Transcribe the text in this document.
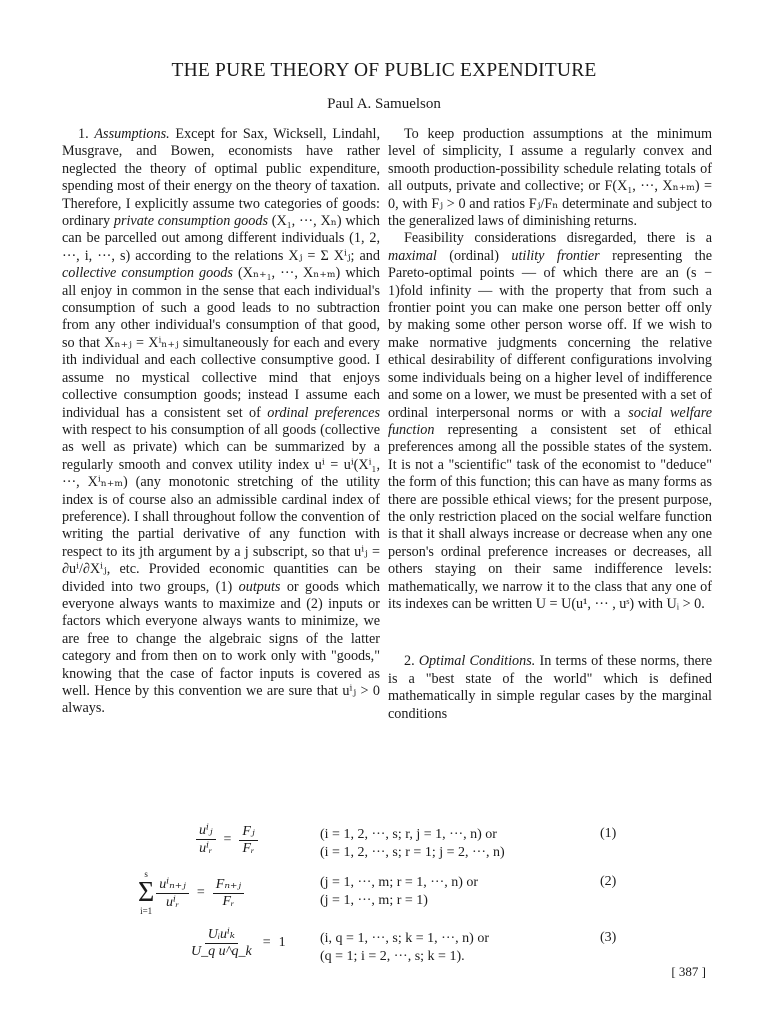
THE PURE THEORY OF PUBLIC EXPENDITURE
Paul A. Samuelson

1. Assumptions. Except for Sax, Wicksell, Lindahl, Musgrave, and Bowen, economists have rather neglected the theory of optimal public expenditure, spending most of their energy on the theory of taxation. Therefore, I explicitly assume two categories of goods: ordinary private consumption goods (X₁, ···, Xₙ) which can be parcelled out among different individuals (1, 2, ···, i, ···, s) according to the relations Xⱼ = Σ Xⁱⱼ; and collective consumption goods (Xₙ₊₁, ···, Xₙ₊ₘ) which all enjoy in common in the sense that each individual's consumption of such a good leads to no subtraction from any other individual's consumption of that good, so that Xₙ₊ⱼ = Xⁱₙ₊ⱼ simultaneously for each and every ith individual and each collective consumptive good. I assume no mystical collective mind that enjoys collective consumption goods; instead I assume each individual has a consistent set of ordinal preferences with respect to his consumption of all goods (collective as well as private) which can be summarized by a regularly smooth and convex utility index uⁱ = uⁱ(Xⁱ₁, ···, Xⁱₙ₊ₘ) (any monotonic stretching of the utility index is of course also an admissible cardinal index of preference). I shall throughout follow the convention of writing the partial derivative of any function with respect to its jth argument by a j subscript, so that uⁱⱼ = ∂uⁱ/∂Xⁱⱼ, etc. Provided economic quantities can be divided into two groups, (1) outputs or goods which everyone always wants to maximize and (2) inputs or factors which everyone always wants to minimize, we are free to change the algebraic signs of the latter category and from then on to work only with "goods," knowing that the case of factor inputs is covered as well. Hence by this convention we are sure that uⁱⱼ > 0 always.

To keep production assumptions at the minimum level of simplicity, I assume a regularly convex and smooth production-possibility schedule relating totals of all outputs, private and collective; or F(X₁, ···, Xₙ₊ₘ) = 0, with Fⱼ > 0 and ratios Fⱼ/Fₙ determinate and subject to the generalized laws of diminishing returns.

Feasibility considerations disregarded, there is a maximal (ordinal) utility frontier representing the Pareto-optimal points — of which there are an (s − 1)fold infinity — with the property that from such a frontier point you can make one person better off only by making some other person worse off. If we wish to make normative judgments concerning the relative ethical desirability of different configurations involving some individuals being on a higher level of indifference and some on a lower, we must be presented with a set of ordinal interpersonal norms or with a social welfare function representing a consistent set of ethical preferences among all the possible states of the system. It is not a "scientific" task of the economist to "deduce" the form of this function; this can have as many forms as there are possible ethical views; for the present purpose, the only restriction placed on the social welfare function is that it shall always increase or decrease when any one person's ordinal preference increases or decreases, all others staying on their same indifference levels: mathematically, we narrow it to the class that any one of its indexes can be written U = U(u¹, ··· , uˢ) with Uᵢ > 0.

2. Optimal Conditions. In terms of these norms, there is a "best state of the world" which is defined mathematically in simple regular cases by the marginal conditions

$\frac{\text{uⁱⱼ}}{\text{uⁱᵣ}} = \frac{\text{Fⱼ}}{\text{Fᵣ}}$	(i = 1, 2, ···, s; r, j = 1, ···, n) or
(i = 1, 2, ···, s; r = 1; j = 2, ···, n)
(1)
s
Σ
i=1
$\frac{\text{uⁱₙ₊ⱼ}}{\text{uⁱᵣ}} = \frac{\text{Fₙ₊ⱼ}}{\text{Fᵣ}}$	(j = 1, ···, m; r = 1, ···, n) or
(j = 1, ···, m; r = 1)
(2)
$\frac{\text{Uᵢuⁱₖ}}{\text{U\_q u\textasciicircum{}q\_k}} = 1$ (i, q = 1, ···, s; k = 1, ···, n) or
(q = 1; i = 2, ···, s; k = 1).
(3)
[ 387 ]
